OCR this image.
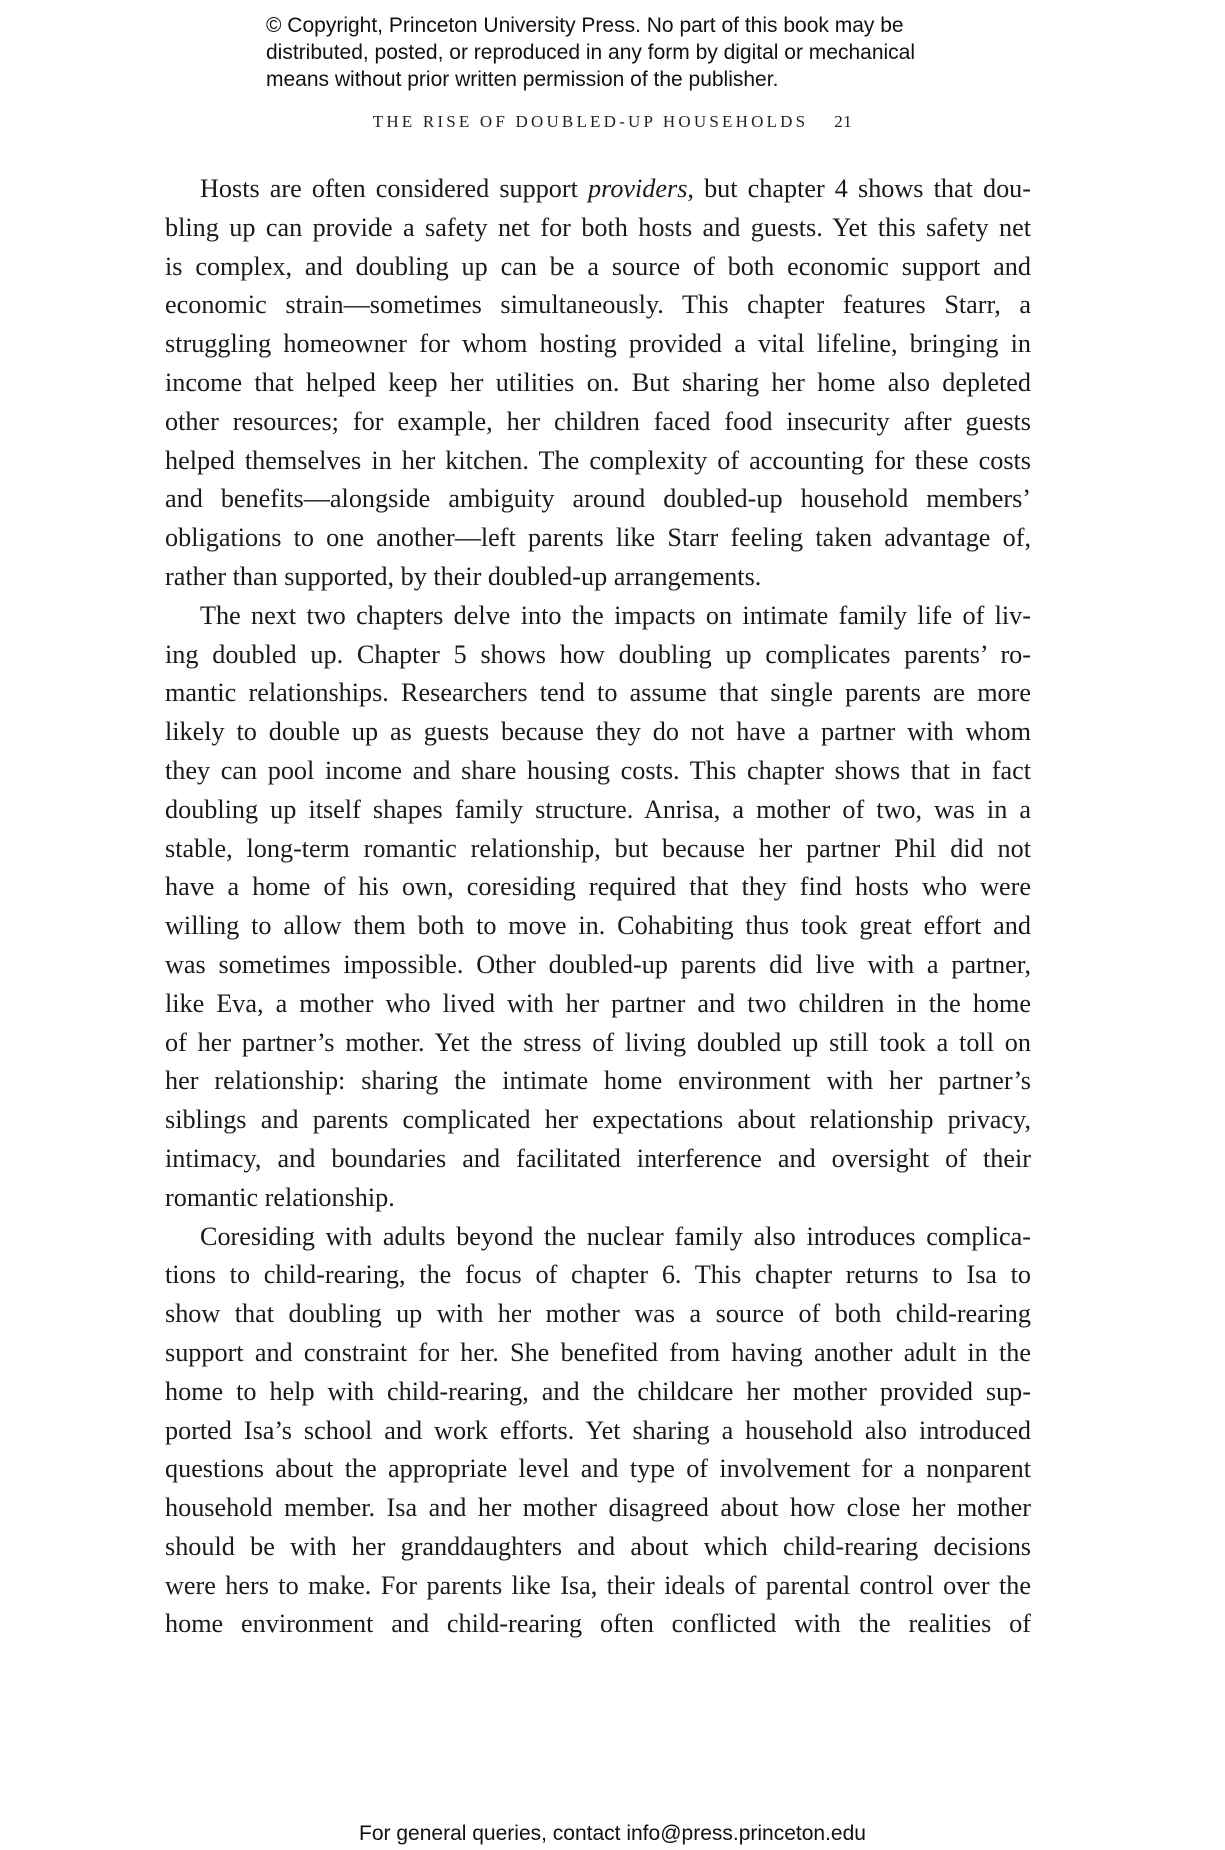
© Copyright, Princeton University Press. No part of this book may be
distributed, posted, or reproduced in any form by digital or mechanical
means without prior written permission of the publisher.
THE RISE OF DOUBLED-UP HOUSEHOLDS 21
Hosts are often considered support providers, but chapter 4 shows that dou-
bling up can provide a safety net for both hosts and guests. Yet this safety net
is complex, and doubling up can be a source of both economic support and
economic strain—sometimes simultaneously. This chapter features Starr, a
struggling homeowner for whom hosting provided a vital lifeline, bringing in
income that helped keep her utilities on. But sharing her home also depleted
other resources; for example, her children faced food insecurity after guests
helped themselves in her kitchen. The complexity of accounting for these costs
and benefits—alongside ambiguity around doubled-up household members’
obligations to one another—left parents like Starr feeling taken advantage of,
rather than supported, by their doubled-up arrangements.
The next two chapters delve into the impacts on intimate family life of liv-
ing doubled up. Chapter 5 shows how doubling up complicates parents’ ro-
mantic relationships. Researchers tend to assume that single parents are more
likely to double up as guests because they do not have a partner with whom
they can pool income and share housing costs. This chapter shows that in fact
doubling up itself shapes family structure. Anrisa, a mother of two, was in a
stable, long-term romantic relationship, but because her partner Phil did not
have a home of his own, coresiding required that they find hosts who were
willing to allow them both to move in. Cohabiting thus took great effort and
was sometimes impossible. Other doubled-up parents did live with a partner,
like Eva, a mother who lived with her partner and two children in the home
of her partner’s mother. Yet the stress of living doubled up still took a toll on
her relationship: sharing the intimate home environment with her partner’s
siblings and parents complicated her expectations about relationship privacy,
intimacy, and boundaries and facilitated interference and oversight of their
romantic relationship.
Coresiding with adults beyond the nuclear family also introduces complica-
tions to child-rearing, the focus of chapter 6. This chapter returns to Isa to
show that doubling up with her mother was a source of both child-rearing
support and constraint for her. She benefited from having another adult in the
home to help with child-rearing, and the childcare her mother provided sup-
ported Isa’s school and work efforts. Yet sharing a household also introduced
questions about the appropriate level and type of involvement for a nonparent
household member. Isa and her mother disagreed about how close her mother
should be with her granddaughters and about which child-rearing decisions
were hers to make. For parents like Isa, their ideals of parental control over the
home environment and child-rearing often conflicted with the realities of
For general queries, contact info@press.princeton.edu
